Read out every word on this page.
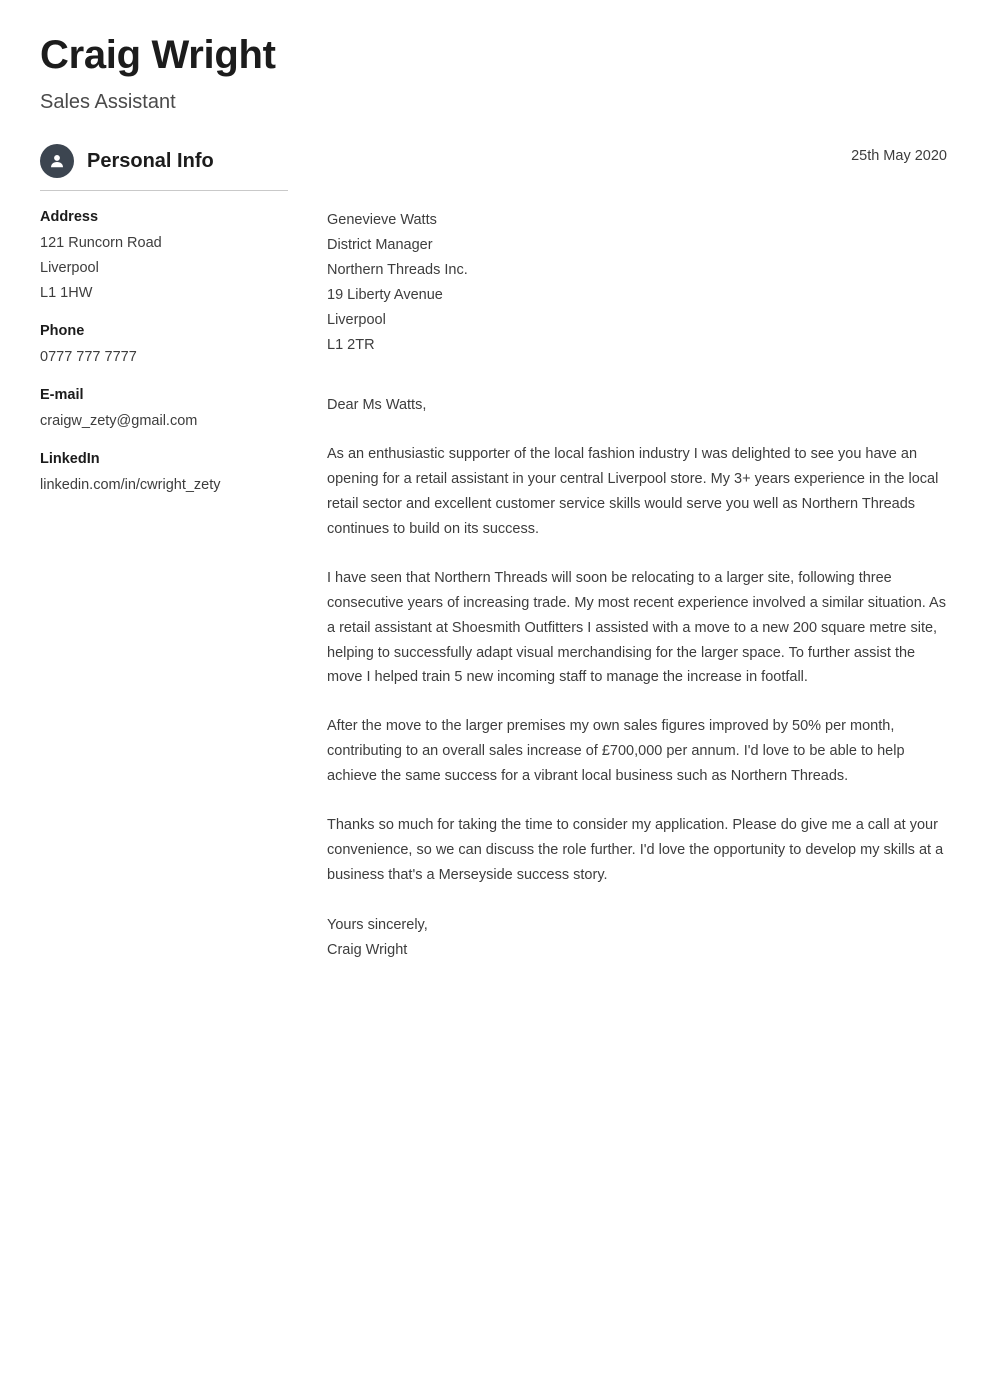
Craig Wright
Sales Assistant
Personal Info
Address
121 Runcorn Road
Liverpool
L1 1HW
Phone
0777 777 7777
E-mail
craigw_zety@gmail.com
LinkedIn
linkedin.com/in/cwright_zety
25th May 2020
Genevieve Watts
District Manager
Northern Threads Inc.
19 Liberty Avenue
Liverpool
L1 2TR
Dear Ms Watts,

As an enthusiastic supporter of the local fashion industry I was delighted to see you have an opening for a retail assistant in your central Liverpool store. My 3+ years experience in the local retail sector and excellent customer service skills would serve you well as Northern Threads continues to build on its success.

I have seen that Northern Threads will soon be relocating to a larger site, following three consecutive years of increasing trade. My most recent experience involved a similar situation. As a retail assistant at Shoesmith Outfitters I assisted with a move to a new 200 square metre site, helping to successfully adapt visual merchandising for the larger space. To further assist the move I helped train 5 new incoming staff to manage the increase in footfall.

After the move to the larger premises my own sales figures improved by 50% per month, contributing to an overall sales increase of £700,000 per annum. I'd love to be able to help achieve the same success for a vibrant local business such as Northern Threads.

Thanks so much for taking the time to consider my application. Please do give me a call at your convenience, so we can discuss the role further. I'd love the opportunity to develop my skills at a business that's a Merseyside success story.

Yours sincerely,
Craig Wright
